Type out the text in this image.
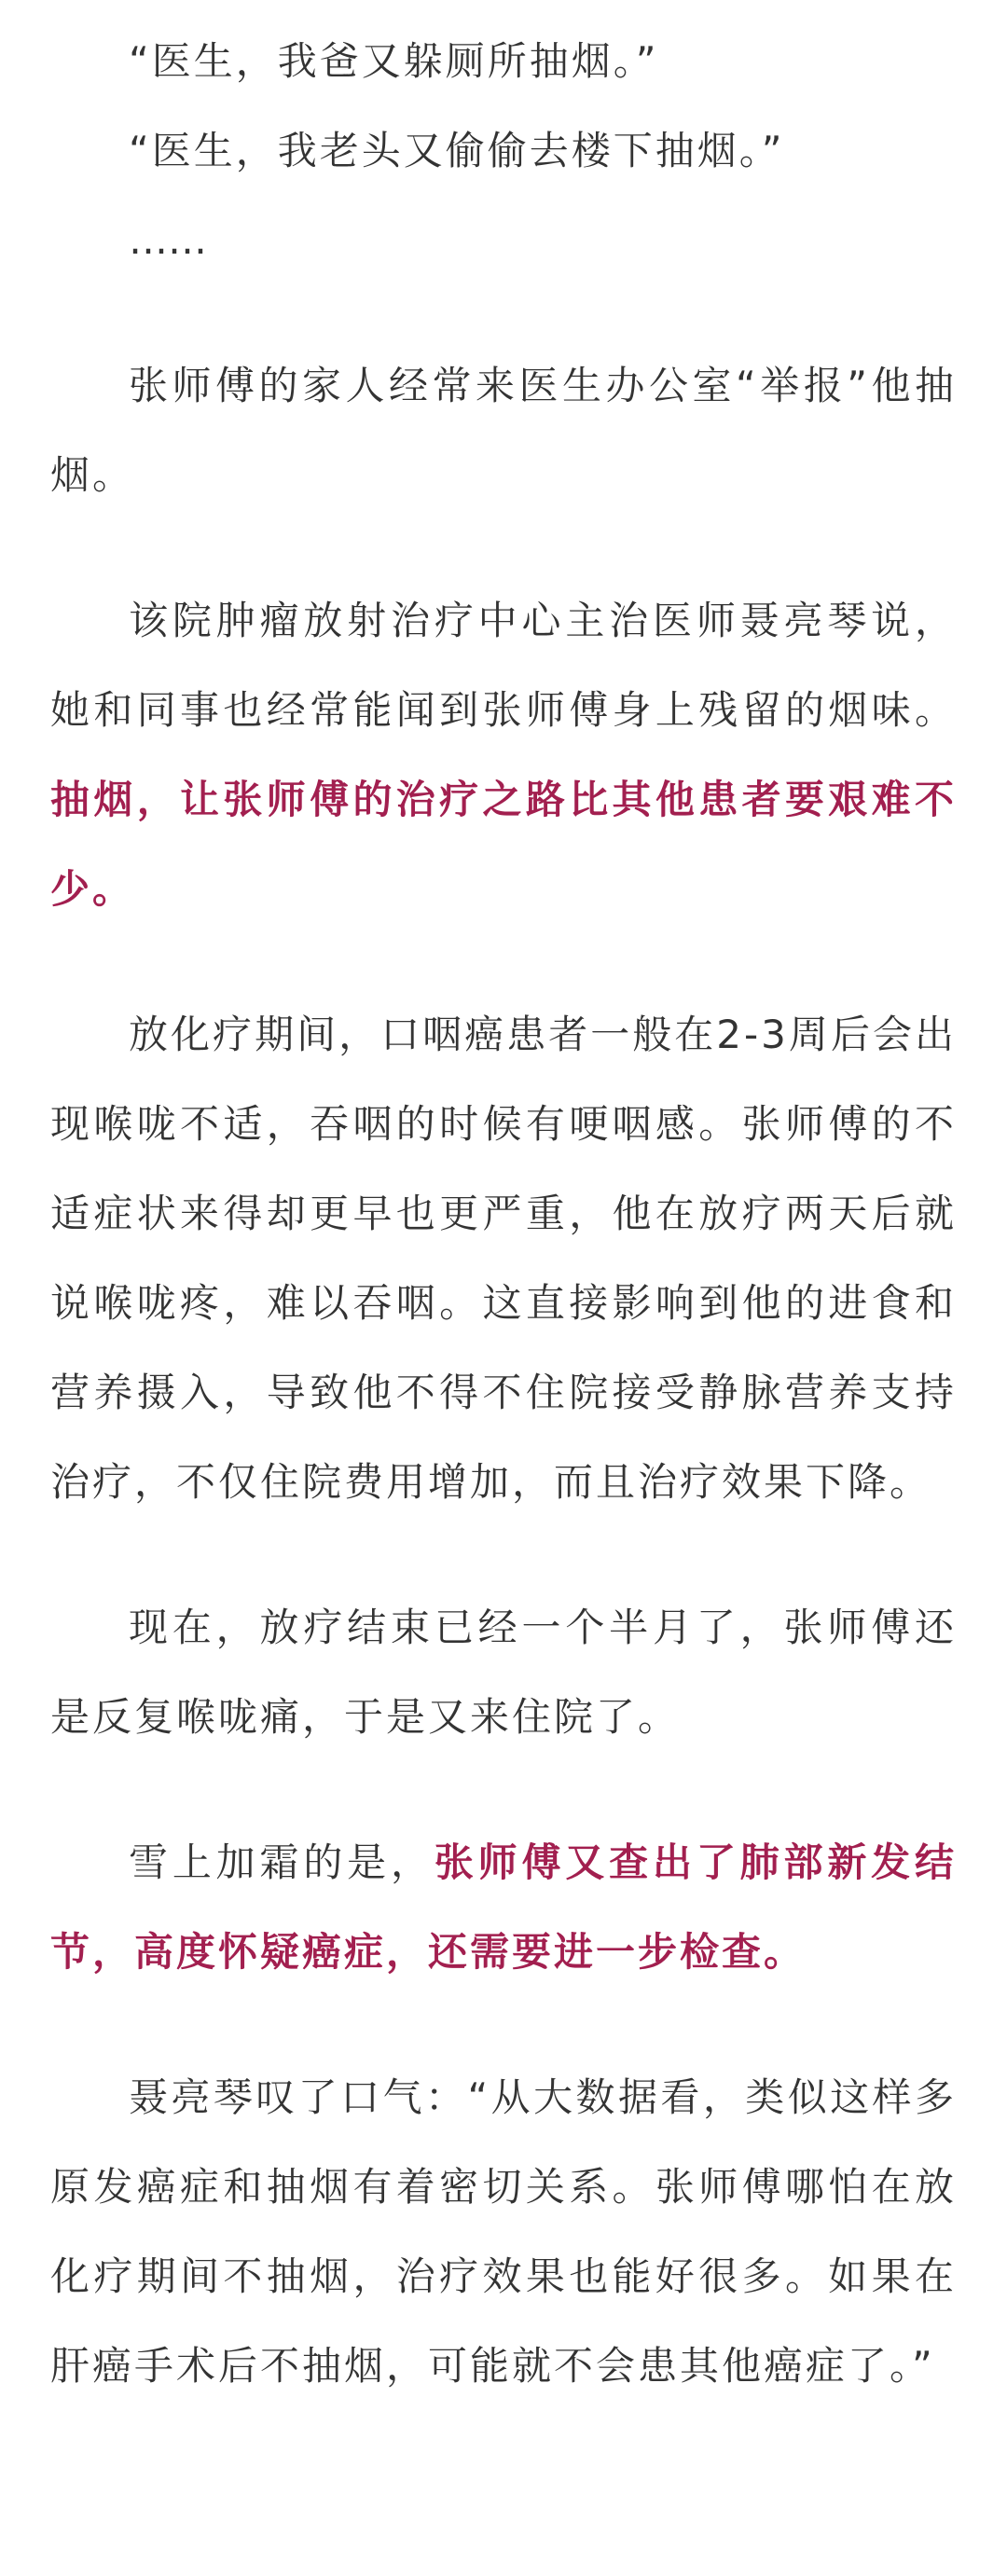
“医生，我爸又躲厕所抽烟。”

“医生，我老头又偷偷去楼下抽烟。”

……

张师傅的家人经常来医生办公室“举报”他抽烟。

该院肿瘤放射治疗中心主治医师聂亮琴说，她和同事也经常能闻到张师傅身上残留的烟味。抽烟，让张师傅的治疗之路比其他患者要艰难不少。

放化疗期间，口咽癌患者一般在2-3周后会出现喉咙不适，吞咽的时候有哽咽感。张师傅的不适症状来得却更早也更严重，他在放疗两天后就说喉咙疼，难以吞咽。这直接影响到他的进食和营养摄入，导致他不得不住院接受静脉营养支持治疗，不仅住院费用增加，而且治疗效果下降。

现在，放疗结束已经一个半月了，张师傅还是反复喉咙痛，于是又来住院了。

雪上加霜的是，张师傅又查出了肺部新发结节，高度怀疑癌症，还需要进一步检查。

聂亮琴叹了口气：“从大数据看，类似这样多原发癌症和抽烟有着密切关系。张师傅哪怕在放化疗期间不抽烟，治疗效果也能好很多。如果在肝癌手术后不抽烟，可能就不会患其他癌症了。”
